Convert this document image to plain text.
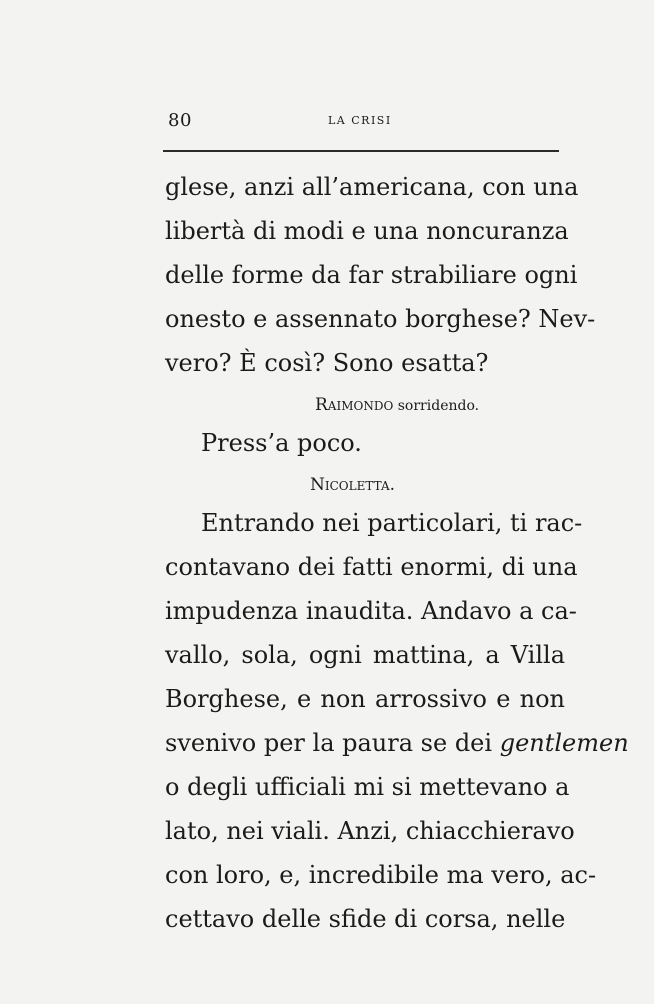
80	LA CRISI
glese, anzi all’americana, con una
libertà di modi e una noncuranza
delle forme da far strabiliare ogni
onesto e assennato borghese? Nev-
vero? È così? Sono esatta?
Raimondo sorridendo.
Press’a poco.
Nicoletta.
Entrando nei particolari, ti rac-
contavano dei fatti enormi, di una
impudenza inaudita. Andavo a ca-
vallo, sola, ogni mattina, a Villa
Borghese, e non arrossivo e non
svenivo per la paura se dei gentlemen
o degli ufficiali mi si mettevano a
lato, nei viali. Anzi, chiacchieravo
con loro, e, incredibile ma vero, ac-
cettavo delle sfide di corsa, nelle
